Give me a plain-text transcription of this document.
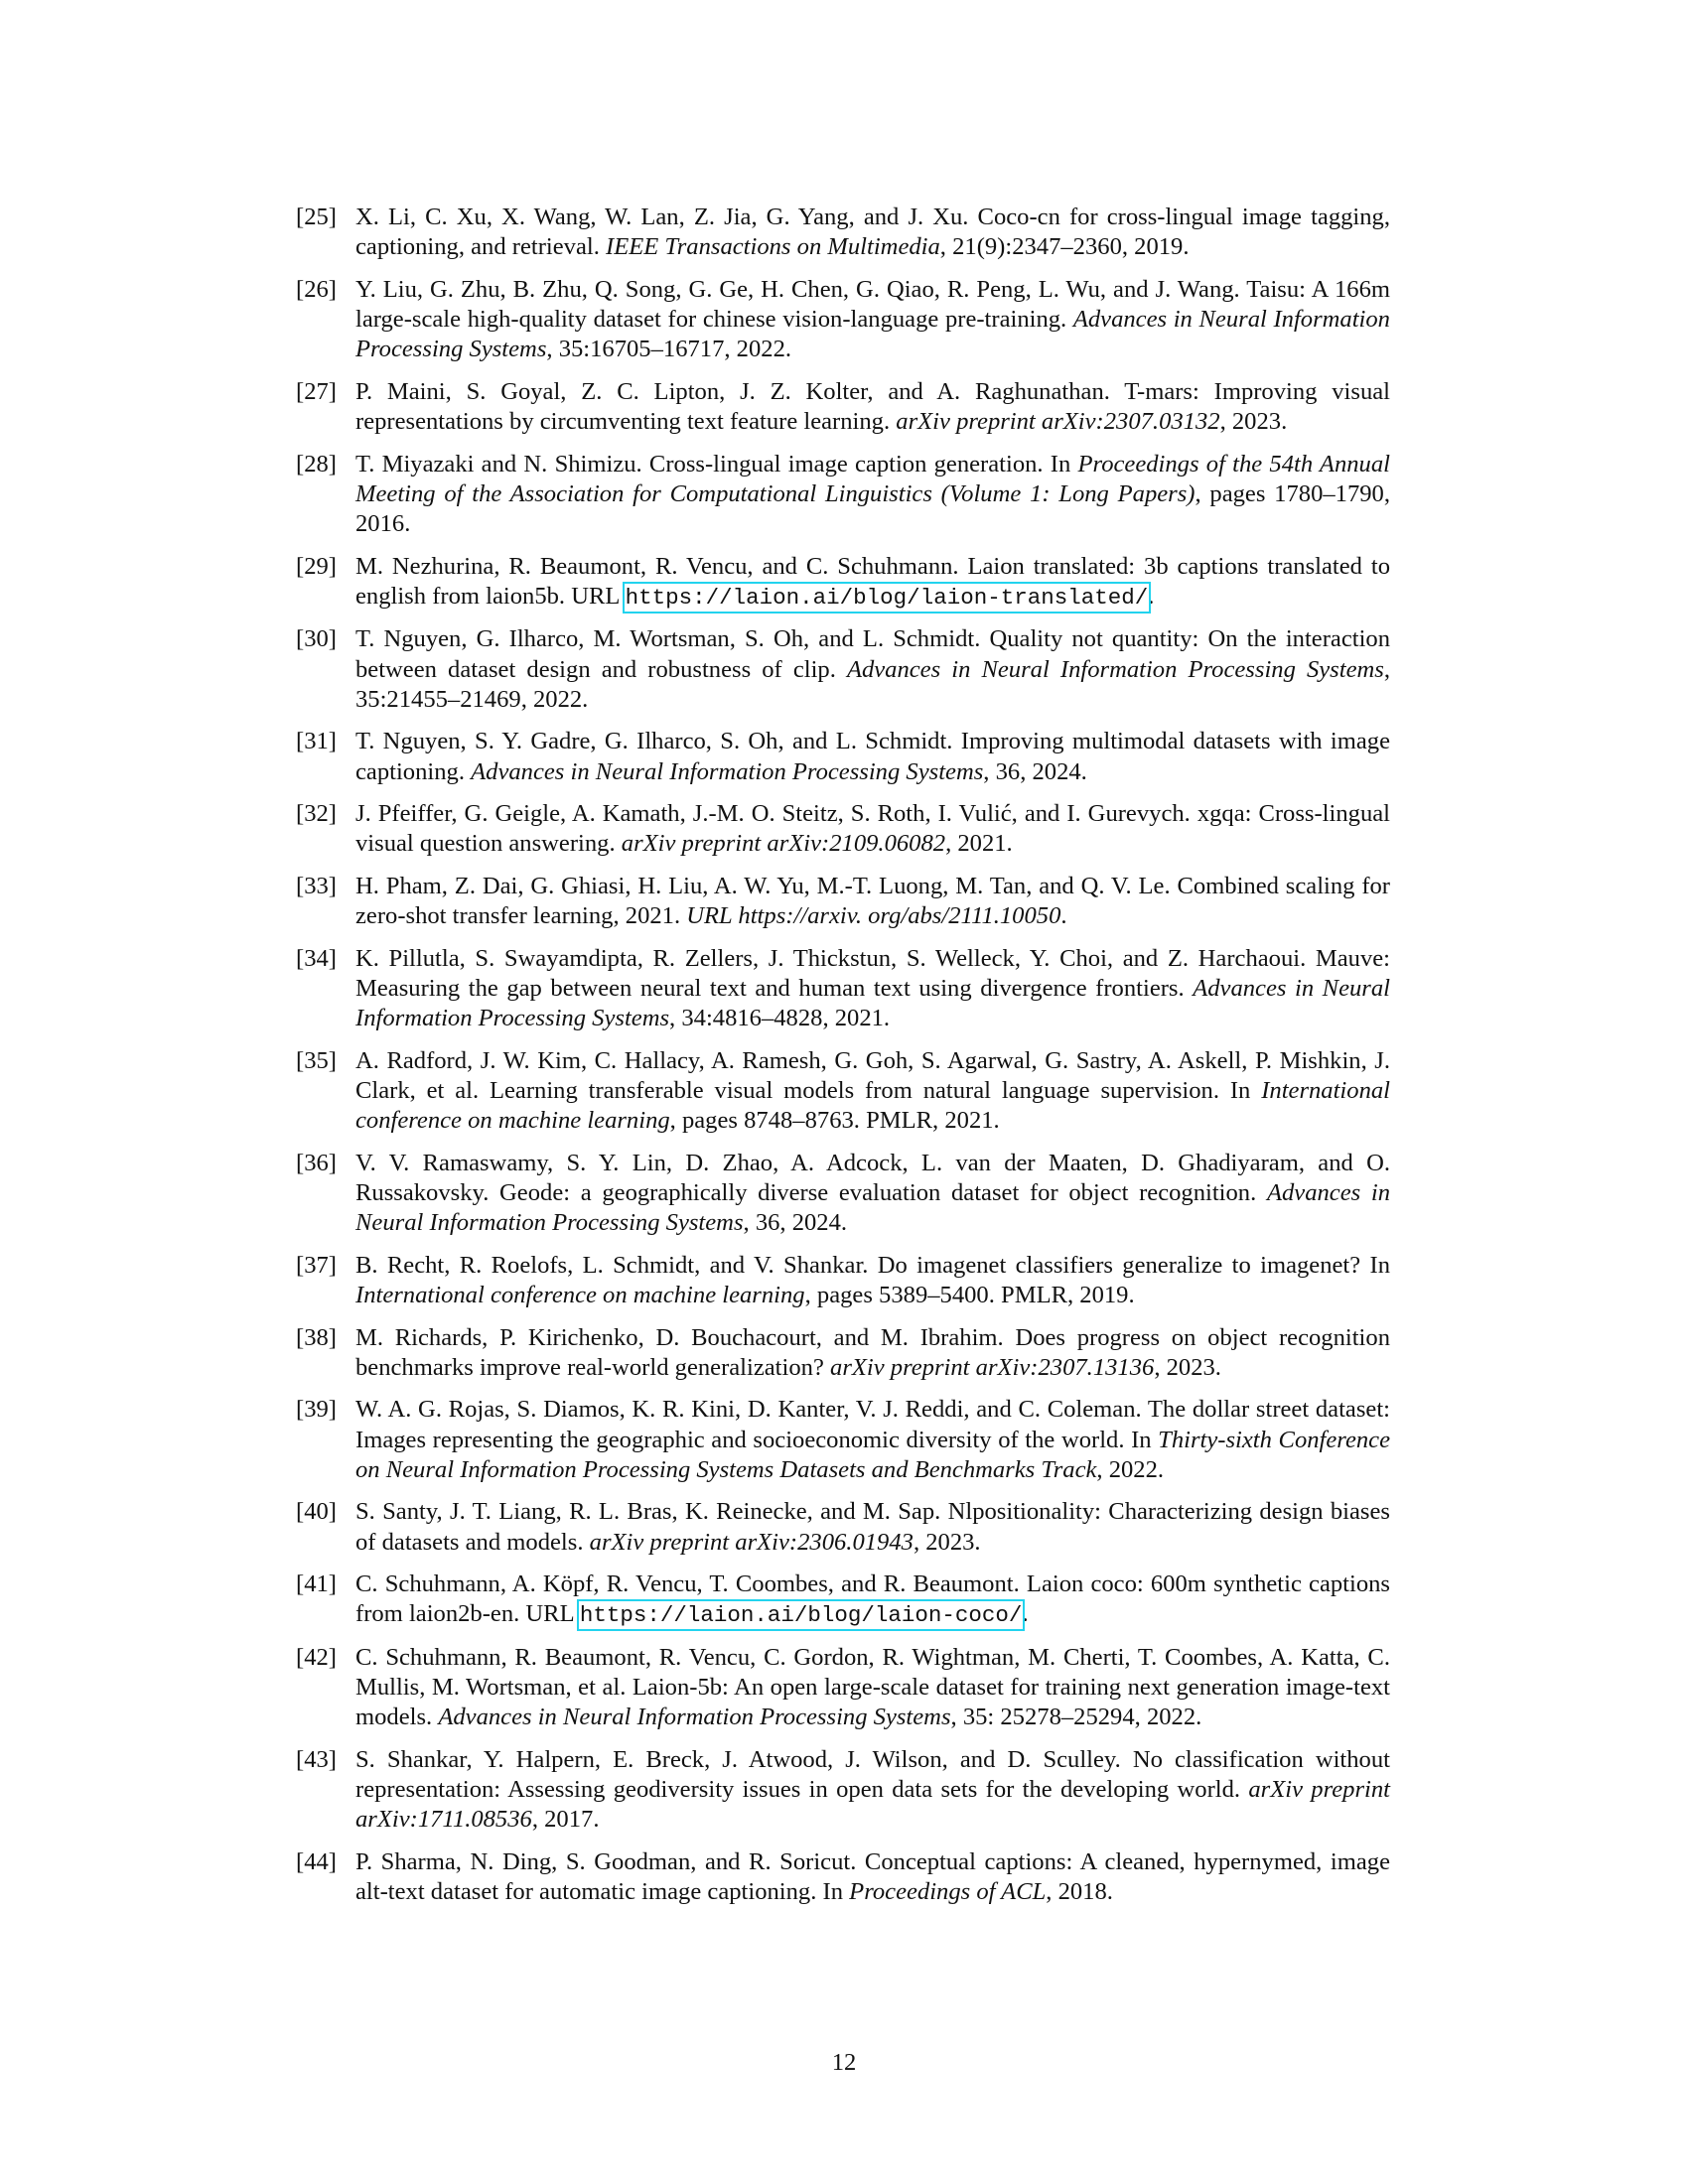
[25] X. Li, C. Xu, X. Wang, W. Lan, Z. Jia, G. Yang, and J. Xu. Coco-cn for cross-lingual image tagging, captioning, and retrieval. IEEE Transactions on Multimedia, 21(9):2347–2360, 2019.
[26] Y. Liu, G. Zhu, B. Zhu, Q. Song, G. Ge, H. Chen, G. Qiao, R. Peng, L. Wu, and J. Wang. Taisu: A 166m large-scale high-quality dataset for chinese vision-language pre-training. Advances in Neural Information Processing Systems, 35:16705–16717, 2022.
[27] P. Maini, S. Goyal, Z. C. Lipton, J. Z. Kolter, and A. Raghunathan. T-mars: Improving visual representations by circumventing text feature learning. arXiv preprint arXiv:2307.03132, 2023.
[28] T. Miyazaki and N. Shimizu. Cross-lingual image caption generation. In Proceedings of the 54th Annual Meeting of the Association for Computational Linguistics (Volume 1: Long Papers), pages 1780–1790, 2016.
[29] M. Nezhurina, R. Beaumont, R. Vencu, and C. Schuhmann. Laion translated: 3b captions translated to english from laion5b. URL https://laion.ai/blog/laion-translated/.
[30] T. Nguyen, G. Ilharco, M. Wortsman, S. Oh, and L. Schmidt. Quality not quantity: On the interaction between dataset design and robustness of clip. Advances in Neural Information Processing Systems, 35:21455–21469, 2022.
[31] T. Nguyen, S. Y. Gadre, G. Ilharco, S. Oh, and L. Schmidt. Improving multimodal datasets with image captioning. Advances in Neural Information Processing Systems, 36, 2024.
[32] J. Pfeiffer, G. Geigle, A. Kamath, J.-M. O. Steitz, S. Roth, I. Vulić, and I. Gurevych. xgqa: Cross-lingual visual question answering. arXiv preprint arXiv:2109.06082, 2021.
[33] H. Pham, Z. Dai, G. Ghiasi, H. Liu, A. W. Yu, M.-T. Luong, M. Tan, and Q. V. Le. Combined scaling for zero-shot transfer learning, 2021. URL https://arxiv. org/abs/2111.10050.
[34] K. Pillutla, S. Swayamdipta, R. Zellers, J. Thickstun, S. Welleck, Y. Choi, and Z. Harchaoui. Mauve: Measuring the gap between neural text and human text using divergence frontiers. Advances in Neural Information Processing Systems, 34:4816–4828, 2021.
[35] A. Radford, J. W. Kim, C. Hallacy, A. Ramesh, G. Goh, S. Agarwal, G. Sastry, A. Askell, P. Mishkin, J. Clark, et al. Learning transferable visual models from natural language supervision. In International conference on machine learning, pages 8748–8763. PMLR, 2021.
[36] V. V. Ramaswamy, S. Y. Lin, D. Zhao, A. Adcock, L. van der Maaten, D. Ghadiyaram, and O. Russakovsky. Geode: a geographically diverse evaluation dataset for object recognition. Advances in Neural Information Processing Systems, 36, 2024.
[37] B. Recht, R. Roelofs, L. Schmidt, and V. Shankar. Do imagenet classifiers generalize to imagenet? In International conference on machine learning, pages 5389–5400. PMLR, 2019.
[38] M. Richards, P. Kirichenko, D. Bouchacourt, and M. Ibrahim. Does progress on object recognition benchmarks improve real-world generalization? arXiv preprint arXiv:2307.13136, 2023.
[39] W. A. G. Rojas, S. Diamos, K. R. Kini, D. Kanter, V. J. Reddi, and C. Coleman. The dollar street dataset: Images representing the geographic and socioeconomic diversity of the world. In Thirty-sixth Conference on Neural Information Processing Systems Datasets and Benchmarks Track, 2022.
[40] S. Santy, J. T. Liang, R. L. Bras, K. Reinecke, and M. Sap. Nlpositionality: Characterizing design biases of datasets and models. arXiv preprint arXiv:2306.01943, 2023.
[41] C. Schuhmann, A. Köpf, R. Vencu, T. Coombes, and R. Beaumont. Laion coco: 600m synthetic captions from laion2b-en. URL https://laion.ai/blog/laion-coco/.
[42] C. Schuhmann, R. Beaumont, R. Vencu, C. Gordon, R. Wightman, M. Cherti, T. Coombes, A. Katta, C. Mullis, M. Wortsman, et al. Laion-5b: An open large-scale dataset for training next generation image-text models. Advances in Neural Information Processing Systems, 35: 25278–25294, 2022.
[43] S. Shankar, Y. Halpern, E. Breck, J. Atwood, J. Wilson, and D. Sculley. No classification without representation: Assessing geodiversity issues in open data sets for the developing world. arXiv preprint arXiv:1711.08536, 2017.
[44] P. Sharma, N. Ding, S. Goodman, and R. Soricut. Conceptual captions: A cleaned, hypernymed, image alt-text dataset for automatic image captioning. In Proceedings of ACL, 2018.
12
